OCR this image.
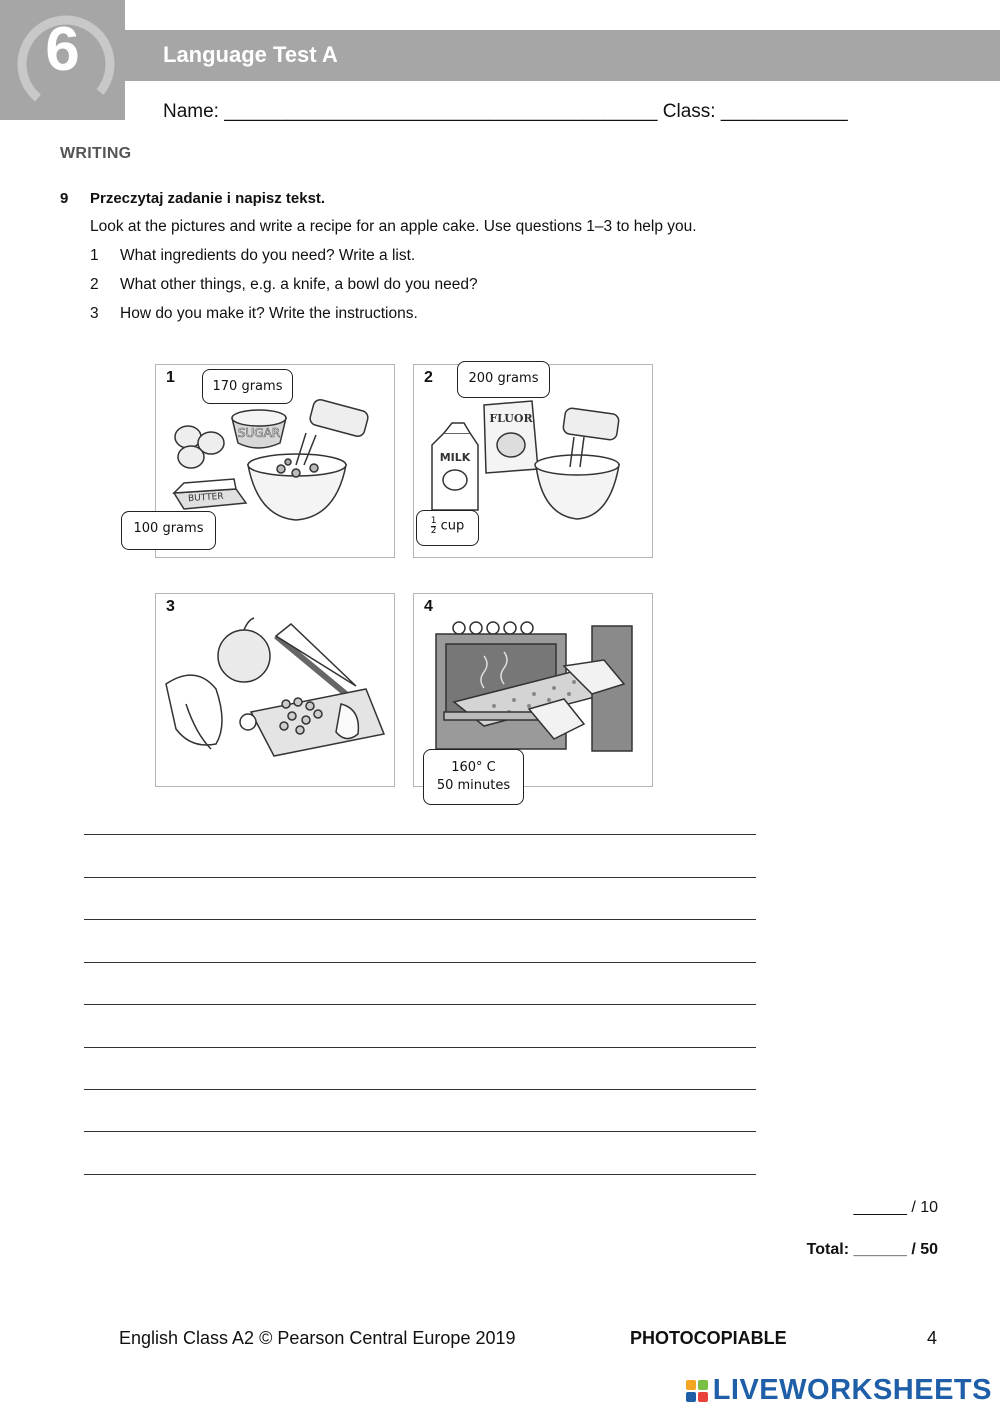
6	Language Test A
Name: _________________________________________ Class: ____________
WRITING
9 Przeczytaj zadanie i napisz tekst.
Look at the pictures and write a recipe for an apple cake. Use questions 1–3 to help you.
1 What ingredients do you need? Write a list.
2 What other things, e.g. a knife, a bowl do you need?
3 How do you make it? Write the instructions.
SUGAR
BUTTER
1
170 grams
100 grams
MILK
FLUOR
2	200 grams
$\frac{1}{2}$ cup
3	4
160° C
50 minutes
______ / 10
Total: ______ / 50
English Class A2 © Pearson Central Europe 2019	PHOTOCOPIABLE	4
LIVEWORKSHEETS
